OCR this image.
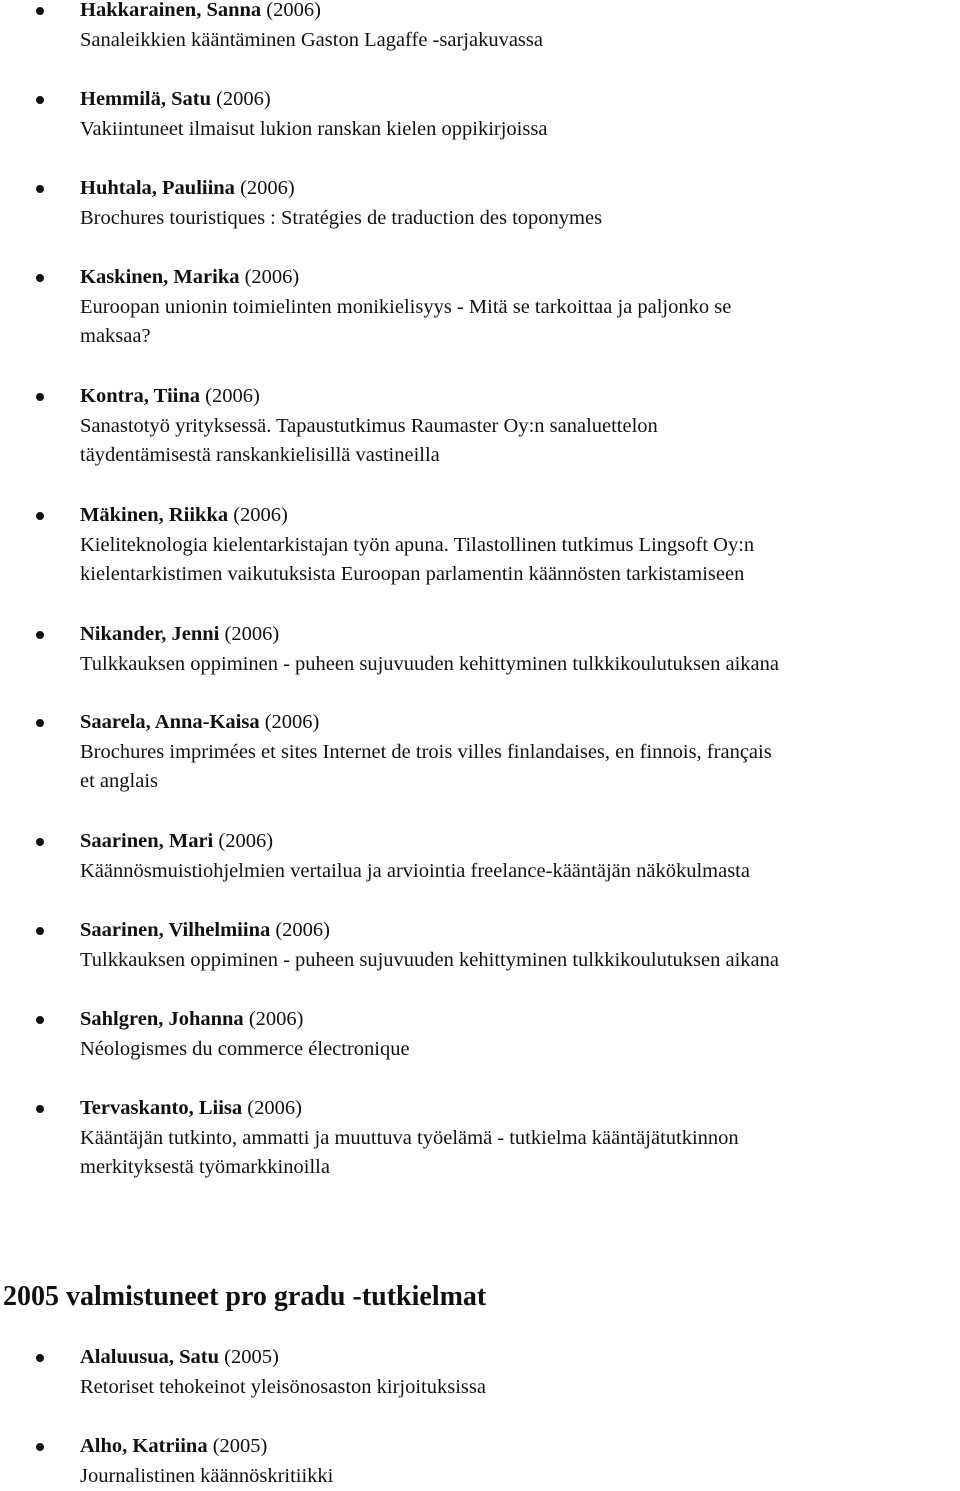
Hakkarainen, Sanna (2006)
Sanaleikkien kääntäminen Gaston Lagaffe -sarjakuvassa
Hemmilä, Satu (2006)
Vakiintuneet ilmaisut lukion ranskan kielen oppikirjoissa
Huhtala, Pauliina (2006)
Brochures touristiques : Stratégies de traduction des toponymes
Kaskinen, Marika (2006)
Euroopan unionin toimielinten monikielisyys - Mitä se tarkoittaa ja paljonko se
maksaa?
Kontra, Tiina (2006)
Sanastotyö yrityksessä. Tapaustutkimus Raumaster Oy:n sanaluettelon
täydentämisestä ranskankielisillä vastineilla
Mäkinen, Riikka (2006)
Kieliteknologia kielentarkistajan työn apuna. Tilastollinen tutkimus Lingsoft Oy:n
kielentarkistimen vaikutuksista Euroopan parlamentin käännösten tarkistamiseen
Nikander, Jenni (2006)
Tulkkauksen oppiminen - puheen sujuvuuden kehittyminen tulkkikoulutuksen aikana
Saarela, Anna-Kaisa (2006)
Brochures imprimées et sites Internet de trois villes finlandaises, en finnois, français
et anglais
Saarinen, Mari (2006)
Käännösmuistiohjelmien vertailua ja arviointia freelance-kääntäjän näkökulmasta
Saarinen, Vilhelmiina (2006)
Tulkkauksen oppiminen - puheen sujuvuuden kehittyminen tulkkikoulutuksen aikana
Sahlgren, Johanna (2006)
Néologismes du commerce électronique
Tervaskanto, Liisa (2006)
Kääntäjän tutkinto, ammatti ja muuttuva työelämä - tutkielma kääntäjätutkinnon
merkityksestä työmarkkinoilla
2005 valmistuneet pro gradu -tutkielmat
Alaluusua, Satu (2005)
Retoriset tehokeinot yleisönosaston kirjoituksissa
Alho, Katriina (2005)
Journalistinen käännöskritiikki
